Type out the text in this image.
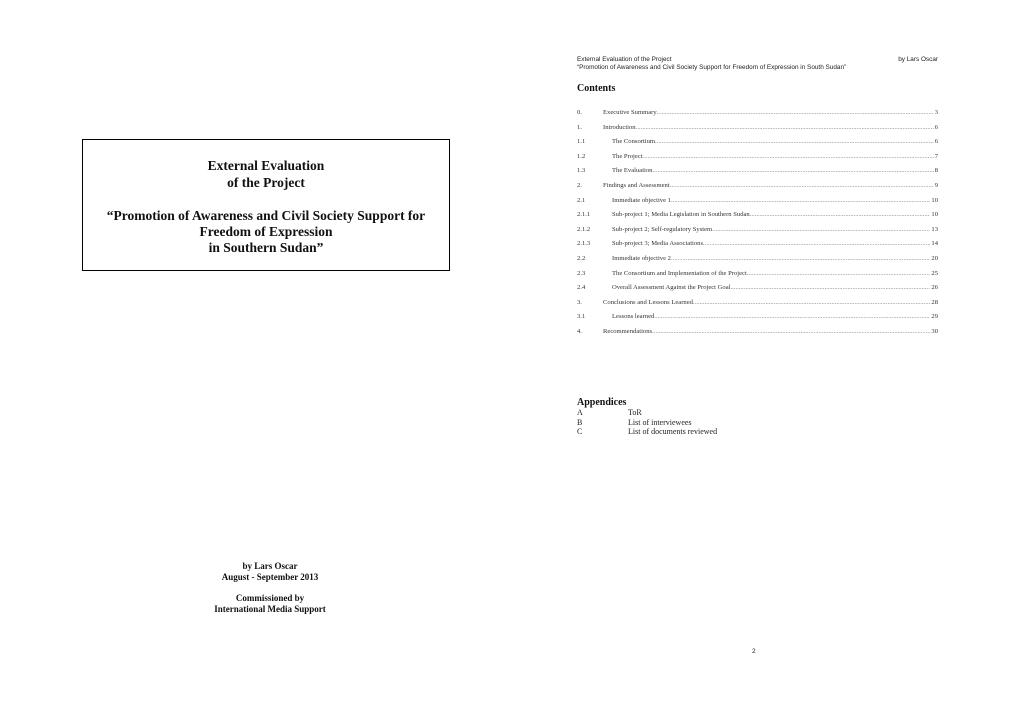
External Evaluation
of the Project
“Promotion of Awareness and Civil Society Support for
Freedom of Expression
in Southern Sudan”
by Lars Oscar
August - September 2013
Commissioned by
International Media Support
External Evaluation of the Project
“Promotion of Awareness and Civil Society Support for Freedom of Expression in South Sudan”
by Lars Oscar
Contents
0.	Executive Summary .....	3
1.	Introduction .....	6
1.1	The Consortium .....	6
1.2	The Project .....	7
1.3	The Evaluation .....	8
2.	Findings and Assessment .....	9
2.1	Immediate objective 1 .....	10
2.1.1	Sub-project 1; Media Legislation in Southern Sudan .....	10
2.1.2	Sub-project 2; Self-regulatory System .....	13
2.1.3	Sub-project 3; Media Associations .....	14
2.2	Immediate objective 2 .....	20
2.3	The Consortium and Implementation of the Project .....	25
2.4	Overall Assessment Against the Project Goal .....	26
3.	Conclusions and Lessons Learned .....	28
3.1	Lessons learned .....	29
4.	Recommendations .....	30
Appendices
A	ToR
B	List of interviewees
C	List of documents reviewed
2
